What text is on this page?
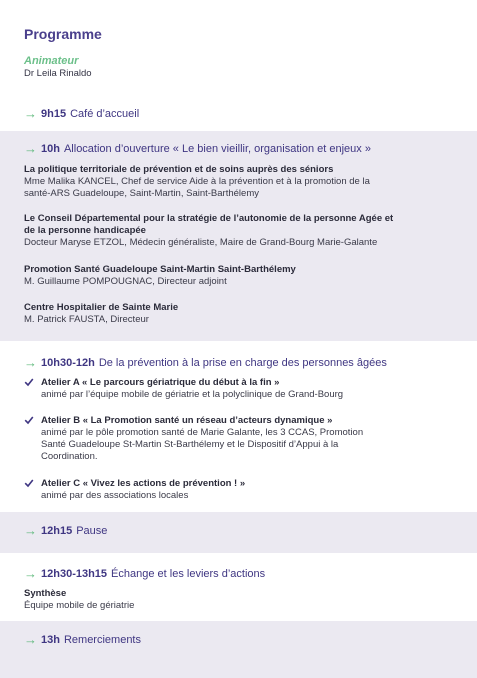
Programme
Animateur
Dr Leila Rinaldo
→ 9h15 Café d’accueil
→ 10h Allocation d’ouverture « Le bien vieillir, organisation et enjeux »
La politique territoriale de prévention et de soins auprès des séniors
Mme Malika KANCEL, Chef de service Aide à la prévention et à la promotion de la
santé-ARS Guadeloupe, Saint-Martin, Saint-Barthélemy
Le Conseil Départemental pour la stratégie de l’autonomie de la personne Agée et
de la personne handicapée
Docteur Maryse ETZOL, Médecin généraliste, Maire de Grand-Bourg Marie-Galante
Promotion Santé Guadeloupe Saint-Martin Saint-Barthélemy
M. Guillaume POMPOUGNAC, Directeur adjoint
Centre Hospitalier de Sainte Marie
M. Patrick FAUSTA, Directeur
→ 10h30-12h De la prévention à la prise en charge des personnes âgées
Atelier A « Le parcours gériatrique du début à la fin »
animé par l’équipe mobile de gériatrie et la polyclinique de Grand-Bourg
Atelier B « La Promotion santé un réseau d’acteurs dynamique »
animé par le pôle promotion santé de Marie Galante, les 3 CCAS, Promotion
Santé Guadeloupe St-Martin St-Barthélemy et le Dispositif d’Appui à la
Coordination.
Atelier C « Vivez les actions de prévention ! »
animé par des associations locales
→ 12h15 Pause
→ 12h30-13h15 Échange et les leviers d’actions
Synthèse
Équipe mobile de gériatrie
→ 13h Remerciements
